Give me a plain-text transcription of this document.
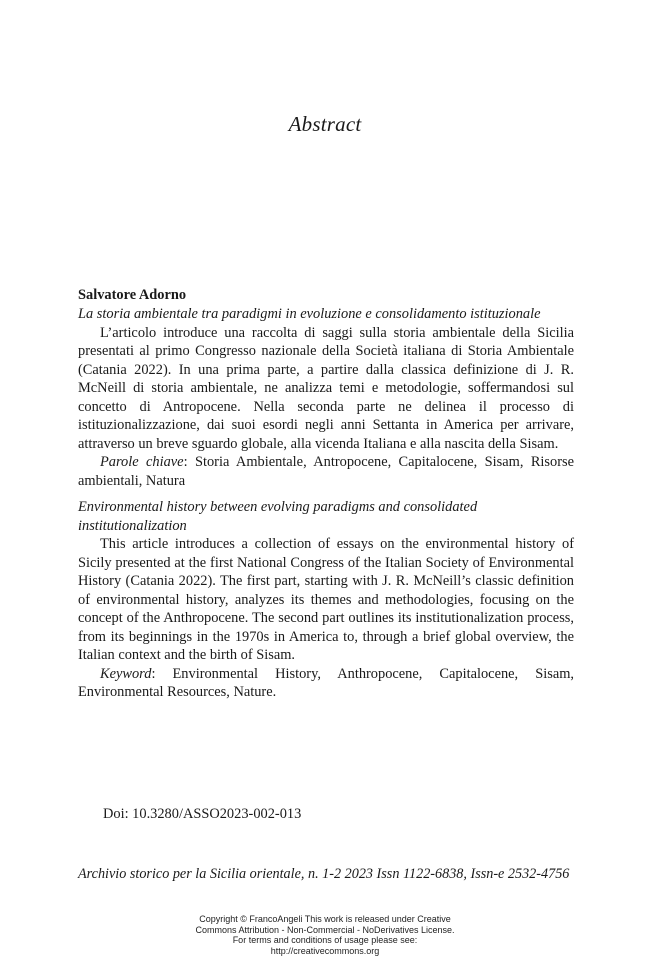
Abstract
Salvatore Adorno

La storia ambientale tra paradigmi in evoluzione e consolidamento istituzionale

L’articolo introduce una raccolta di saggi sulla storia ambientale della Sicilia presentati al primo Congresso nazionale della Società italiana di Storia Ambientale (Catania 2022). In una prima parte, a partire dalla classica definizione di J. R. McNeill di storia ambientale, ne analizza temi e metodologie, soffermandosi sul concetto di Antropocene. Nella seconda parte ne delinea il processo di istituzionalizzazione, dai suoi esordi negli anni Settanta in America per arrivare, attraverso un breve sguardo globale, alla vicenda Italiana e alla nascita della Sisam.

Parole chiave: Storia Ambientale, Antropocene, Capitalocene, Sisam, Risorse ambientali, Natura

Environmental history between evolving paradigms and consolidated institutionalization

This article introduces a collection of essays on the environmental history of Sicily presented at the first National Congress of the Italian Society of Environmental History (Catania 2022). The first part, starting with J. R. McNeill’s classic definition of environmental history, analyzes its themes and methodologies, focusing on the concept of the Anthropocene. The second part outlines its institutionalization process, from its beginnings in the 1970s in America to, through a brief global overview, the Italian context and the birth of Sisam.

Keyword: Environmental History, Anthropocene, Capitalocene, Sisam, Environmental Resources, Nature.

Doi: 10.3280/ASSO2023-002-013
Archivio storico per la Sicilia orientale, n. 1-2 2023 Issn 1122-6838, Issn-e 2532-4756
Copyright © FrancoAngeli This work is released under Creative
Commons Attribution - Non-Commercial - NoDerivatives License.
For terms and conditions of usage please see:
http://creativecommons.org
